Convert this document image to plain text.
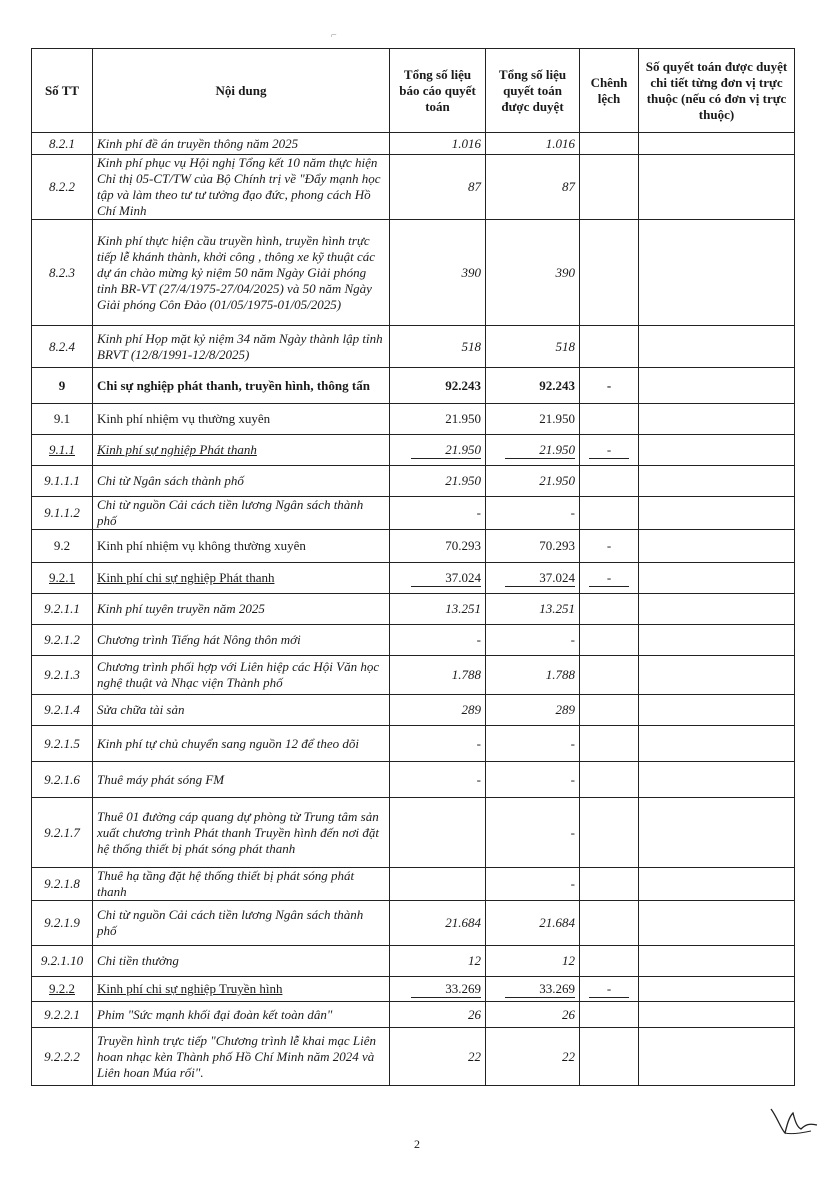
⌐
Số TT	Nội dung	Tổng số liệu báo cáo quyết toán	Tổng số liệu quyết toán được duyệt	Chênh lệch	Số quyết toán được duyệt chi tiết từng đơn vị trực thuộc (nếu có đơn vị trực thuộc)
8.2.1	Kinh phí đề án truyền thông năm 2025	1.016	1.016		
8.2.2	Kinh phí phục vụ Hội nghị Tổng kết 10 năm thực hiện Chỉ thị 05-CT/TW của Bộ Chính trị về "Đẩy mạnh học tập và làm theo tư tư tưởng đạo đức, phong cách Hồ Chí Minh	87	87		
8.2.3	Kinh phí thực hiện cầu truyền hình, truyền hình trực tiếp lễ khánh thành, khởi công , thông xe kỹ thuật các dự án chào mừng kỷ niệm 50 năm Ngày Giải phóng tỉnh BR-VT (27/4/1975-27/04/2025) và 50 năm Ngày Giải phóng Côn Đảo (01/05/1975-01/05/2025)	390	390		
8.2.4	Kinh phí Họp mặt kỷ niệm 34 năm Ngày thành lập tỉnh BRVT (12/8/1991-12/8/2025)	518	518		
9	Chi sự nghiệp phát thanh, truyền hình, thông tấn	92.243	92.243	-	
9.1	Kinh phí nhiệm vụ thường xuyên	21.950	21.950		
9.1.1	Kinh phí sự nghiệp Phát thanh	21.950	21.950	-	
9.1.1.1	Chi từ Ngân sách thành phố	21.950	21.950		
9.1.1.2	Chi từ nguồn Cải cách tiền lương Ngân sách thành phố	-	-		
9.2	Kinh phí nhiệm vụ không thường xuyên	70.293	70.293	-	
9.2.1	Kinh phí chi sự nghiệp Phát thanh	37.024	37.024	-	
9.2.1.1	Kinh phí tuyên truyền năm 2025	13.251	13.251		
9.2.1.2	Chương trình Tiếng hát Nông thôn mới	-	-		
9.2.1.3	Chương trình phối hợp với Liên hiệp các Hội Văn học nghệ thuật và Nhạc viện Thành phố	1.788	1.788		
9.2.1.4	Sửa chữa tài sản	289	289		
9.2.1.5	Kinh phí tự chủ chuyển sang nguồn 12 để theo dõi	-	-		
9.2.1.6	Thuê máy phát sóng FM	-	-		
9.2.1.7	Thuê 01 đường cáp quang dự phòng từ Trung tâm sản xuất chương trình Phát thanh Truyền hình đến nơi đặt hệ thống thiết bị phát sóng phát thanh		-		
9.2.1.8	Thuê hạ tầng đặt hệ thống thiết bị phát sóng phát thanh		-		
9.2.1.9	Chi từ nguồn Cải cách tiền lương Ngân sách thành phố	21.684	21.684		
9.2.1.10	Chi tiền thưởng	12	12		
9.2.2	Kinh phí chi sự nghiệp Truyền hình	33.269	33.269	-	
9.2.2.1	Phim "Sức mạnh khối đại đoàn kết toàn dân"	26	26		
9.2.2.2	Truyền hình trực tiếp "Chương trình lễ khai mạc Liên hoan nhạc kèn Thành phố Hồ Chí Minh năm 2024 và Liên hoan Múa rối".	22	22		
2
